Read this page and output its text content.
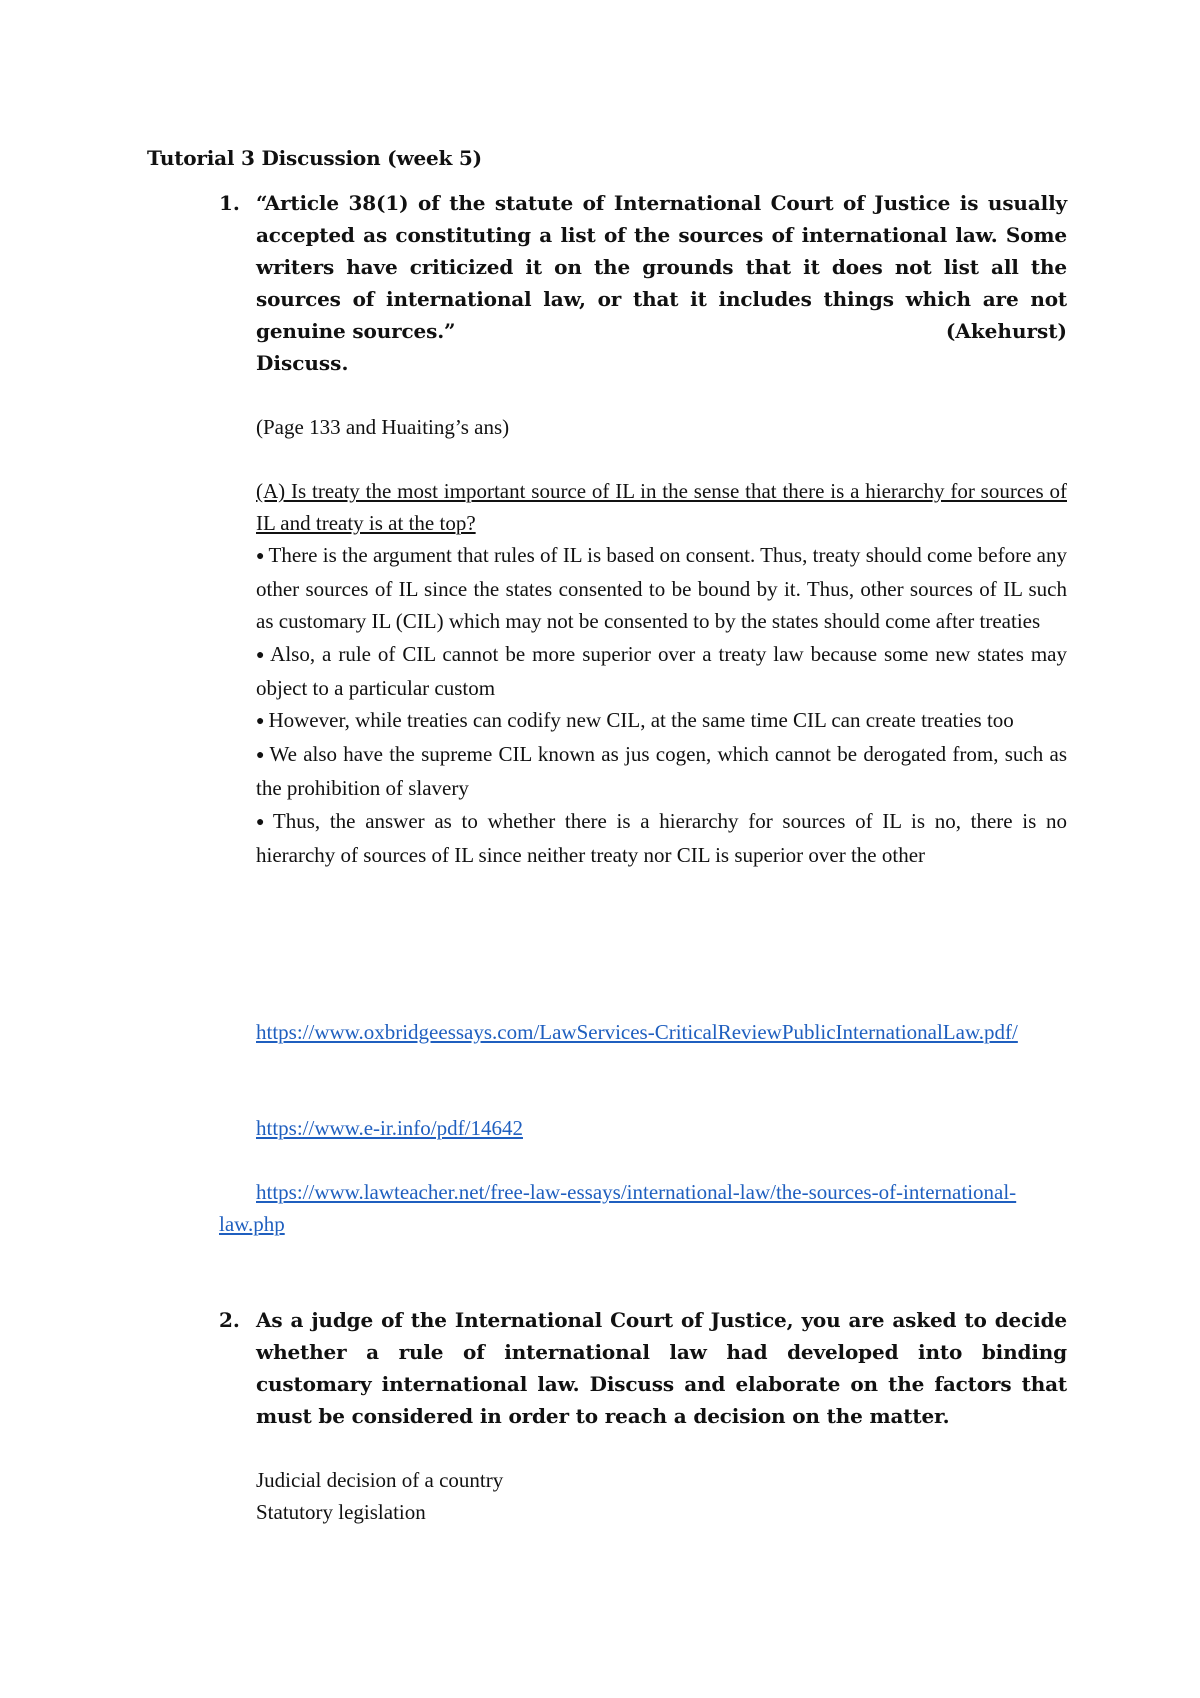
Tutorial 3 Discussion (week 5)
1. “Article 38(1) of the statute of International Court of Justice is usually accepted as constituting a list of the sources of international law. Some writers have criticized it on the grounds that it does not list all the sources of international law, or that it includes things which are not genuine sources.”	(Akehurst)
Discuss.
(Page 133 and Huaiting’s ans)
(A) Is treaty the most important source of IL in the sense that there is a hierarchy for sources of IL and treaty is at the top?
● There is the argument that rules of IL is based on consent. Thus, treaty should come before any other sources of IL since the states consented to be bound by it. Thus, other sources of IL such as customary IL (CIL) which may not be consented to by the states should come after treaties
● Also, a rule of CIL cannot be more superior over a treaty law because some new states may object to a particular custom
● However, while treaties can codify new CIL, at the same time CIL can create treaties too
● We also have the supreme CIL known as jus cogen, which cannot be derogated from, such as the prohibition of slavery
● Thus, the answer as to whether there is a hierarchy for sources of IL is no, there is no hierarchy of sources of IL since neither treaty nor CIL is superior over the other
https://www.oxbridgeessays.com/LawServices-CriticalReviewPublicInternationalLaw.pdf/
https://www.e-ir.info/pdf/14642
https://www.lawteacher.net/free-law-essays/international-law/the-sources-of-international-law.php
2. As a judge of the International Court of Justice, you are asked to decide whether a rule of international law had developed into binding customary international law. Discuss and elaborate on the factors that must be considered in order to reach a decision on the matter.
Judicial decision of a country
Statutory legislation
